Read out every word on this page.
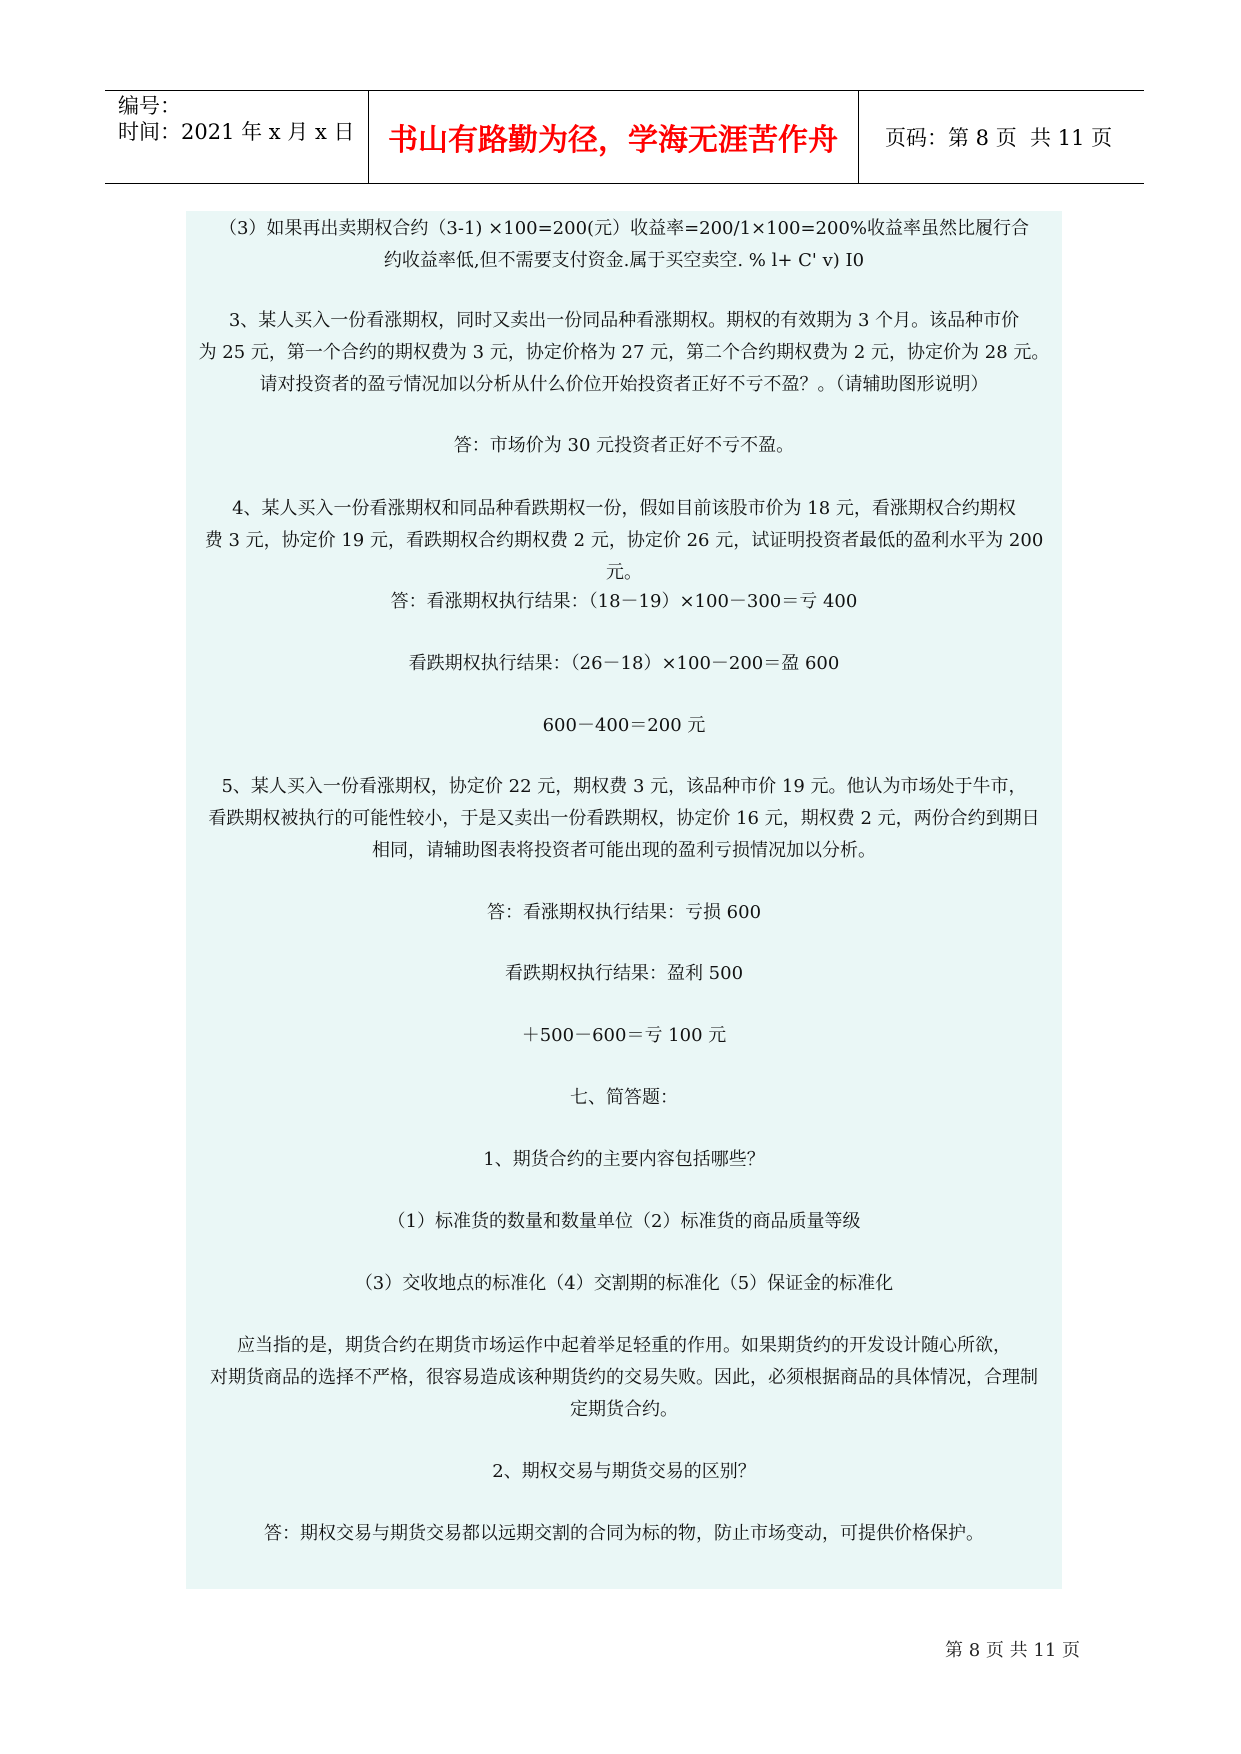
编号：
时间：2021 年 x 月 x 日	书山有路勤为径，学海无涯苦作舟	页码：第 8 页  共 11 页
（3）如果再出卖期权合约（3-1) ×100=200(元）收益率=200/1×100=200%收益率虽然比履行合
约收益率低,但不需要支付资金.属于买空卖空. % l+ C' v) I0
3、某人买入一份看涨期权，同时又卖出一份同品种看涨期权。期权的有效期为 3 个月。该品种市价
为 25 元，第一个合约的期权费为 3 元，协定价格为 27 元，第二个合约期权费为 2 元，协定价为 28 元。
请对投资者的盈亏情况加以分析从什么价位开始投资者正好不亏不盈？。（请辅助图形说明）
答：市场价为 30 元投资者正好不亏不盈。
4、某人买入一份看涨期权和同品种看跌期权一份，假如目前该股市价为 18 元，看涨期权合约期权
费 3 元，协定价 19 元，看跌期权合约期权费 2 元，协定价 26 元，试证明投资者最低的盈利水平为 200 元。
答：看涨期权执行结果：（18－19）×100－300＝亏 400
看跌期权执行结果：（26－18）×100－200＝盈 600
600－400＝200 元
5、某人买入一份看涨期权，协定价 22 元，期权费 3 元，该品种市价 19 元。他认为市场处于牛市，
看跌期权被执行的可能性较小，于是又卖出一份看跌期权，协定价 16 元，期权费 2 元，两份合约到期日
相同，请辅助图表将投资者可能出现的盈利亏损情况加以分析。
答：看涨期权执行结果：亏损 600
看跌期权执行结果：盈利 500
＋500－600＝亏 100 元
七、简答题：
1、期货合约的主要内容包括哪些？
（1）标准货的数量和数量单位（2）标准货的商品质量等级
（3）交收地点的标准化（4）交割期的标准化（5）保证金的标准化
应当指的是，期货合约在期货市场运作中起着举足轻重的作用。如果期货约的开发设计随心所欲，
对期货商品的选择不严格，很容易造成该种期货约的交易失败。因此，必须根据商品的具体情况，合理制
定期货合约。
2、期权交易与期货交易的区别？
答：期权交易与期货交易都以远期交割的合同为标的物，防止市场变动，可提供价格保护。
第 8 页 共 11 页
